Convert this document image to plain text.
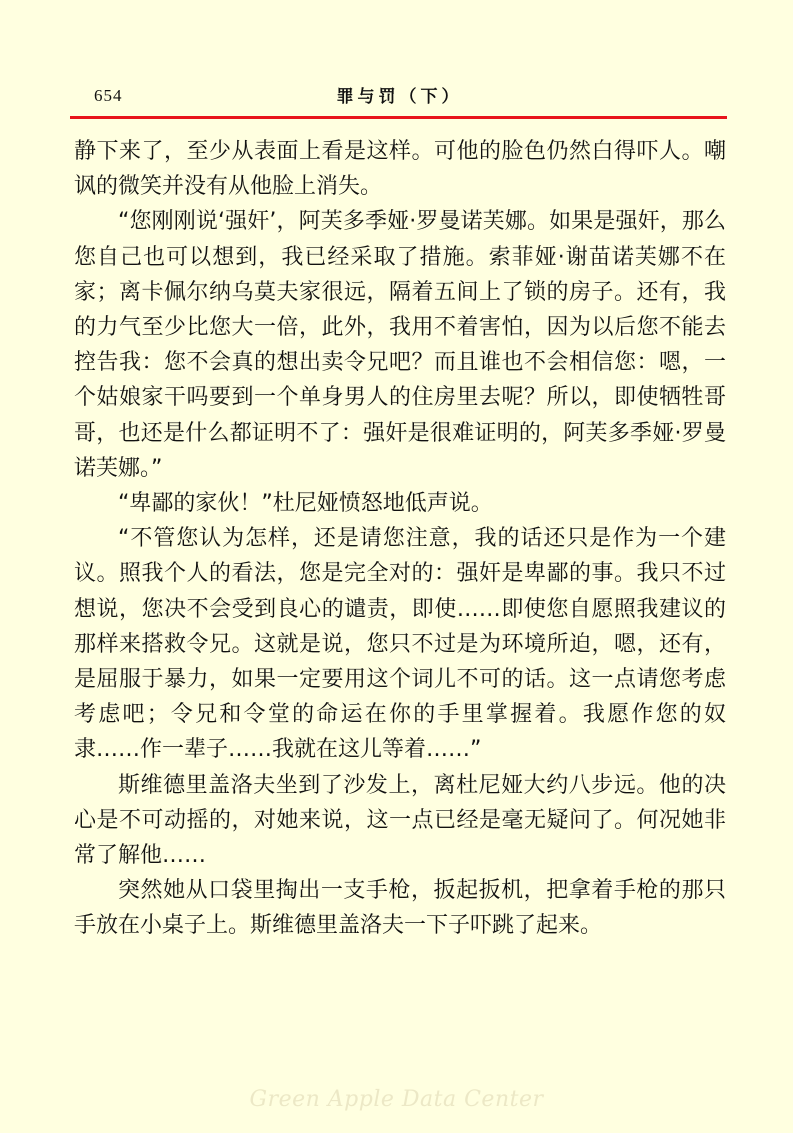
654	罪与罚（下）

静下来了，至少从表面上看是这样。可他的脸色仍然白得吓人。嘲讽的微笑并没有从他脸上消失。

“您刚刚说‘强奸’，阿芙多季娅·罗曼诺芙娜。如果是强奸，那么您自己也可以想到，我已经采取了措施。索菲娅·谢苗诺芙娜不在家；离卡佩尔纳乌莫夫家很远，隔着五间上了锁的房子。还有，我的力气至少比您大一倍，此外，我用不着害怕，因为以后您不能去控告我：您不会真的想出卖令兄吧？而且谁也不会相信您：嗯，一个姑娘家干吗要到一个单身男人的住房里去呢？所以，即使牺牲哥哥，也还是什么都证明不了：强奸是很难证明的，阿芙多季娅·罗曼诺芙娜。”

“卑鄙的家伙！”杜尼娅愤怒地低声说。

“不管您认为怎样，还是请您注意，我的话还只是作为一个建议。照我个人的看法，您是完全对的：强奸是卑鄙的事。我只不过想说，您决不会受到良心的谴责，即使……即使您自愿照我建议的那样来搭救令兄。这就是说，您只不过是为环境所迫，嗯，还有，是屈服于暴力，如果一定要用这个词儿不可的话。这一点请您考虑考虑吧；令兄和令堂的命运在你的手里掌握着。我愿作您的奴隶……作一辈子……我就在这儿等着……”

斯维德里盖洛夫坐到了沙发上，离杜尼娅大约八步远。他的决心是不可动摇的，对她来说，这一点已经是毫无疑问了。何况她非常了解他……

突然她从口袋里掏出一支手枪，扳起扳机，把拿着手枪的那只手放在小桌子上。斯维德里盖洛夫一下子吓跳了起来。

Green Apple Data Center
